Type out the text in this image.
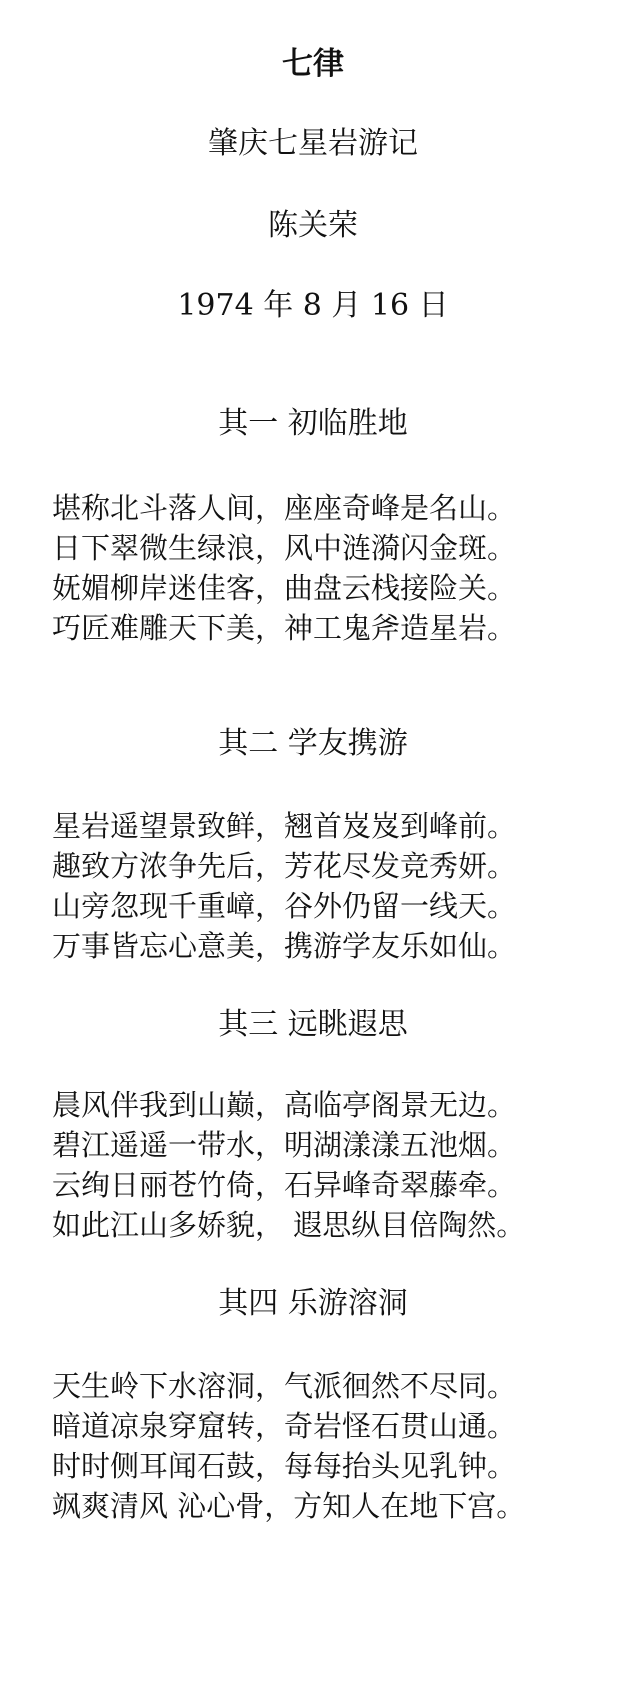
七律
肇庆七星岩游记
陈关荣
1974 年 8 月 16 日
其一 初临胜地
堪称北斗落人间，座座奇峰是名山。
日下翠微生绿浪，风中涟漪闪金斑。
妩媚柳岸迷佳客，曲盘云栈接险关。
巧匠难雕天下美，神工鬼斧造星岩。
其二 学友携游
星岩遥望景致鲜，翘首岌岌到峰前。
趣致方浓争先后，芳花尽发竞秀妍。
山旁忽现千重嶂，谷外仍留一线天。
万事皆忘心意美，携游学友乐如仙。
其三 远眺遐思
晨风伴我到山巅，高临亭阁景无边。
碧江遥遥一带水，明湖漾漾五池烟。
云绚日丽苍竹倚，石异峰奇翠藤牵。
如此江山多娇貌， 遐思纵目倍陶然。
其四 乐游溶洞
天生岭下水溶洞，气派徊然不尽同。
暗道凉泉穿窟转，奇岩怪石贯山通。
时时侧耳闻石鼓，每每抬头见乳钟。
飒爽清风 沁心骨，方知人在地下宫。
